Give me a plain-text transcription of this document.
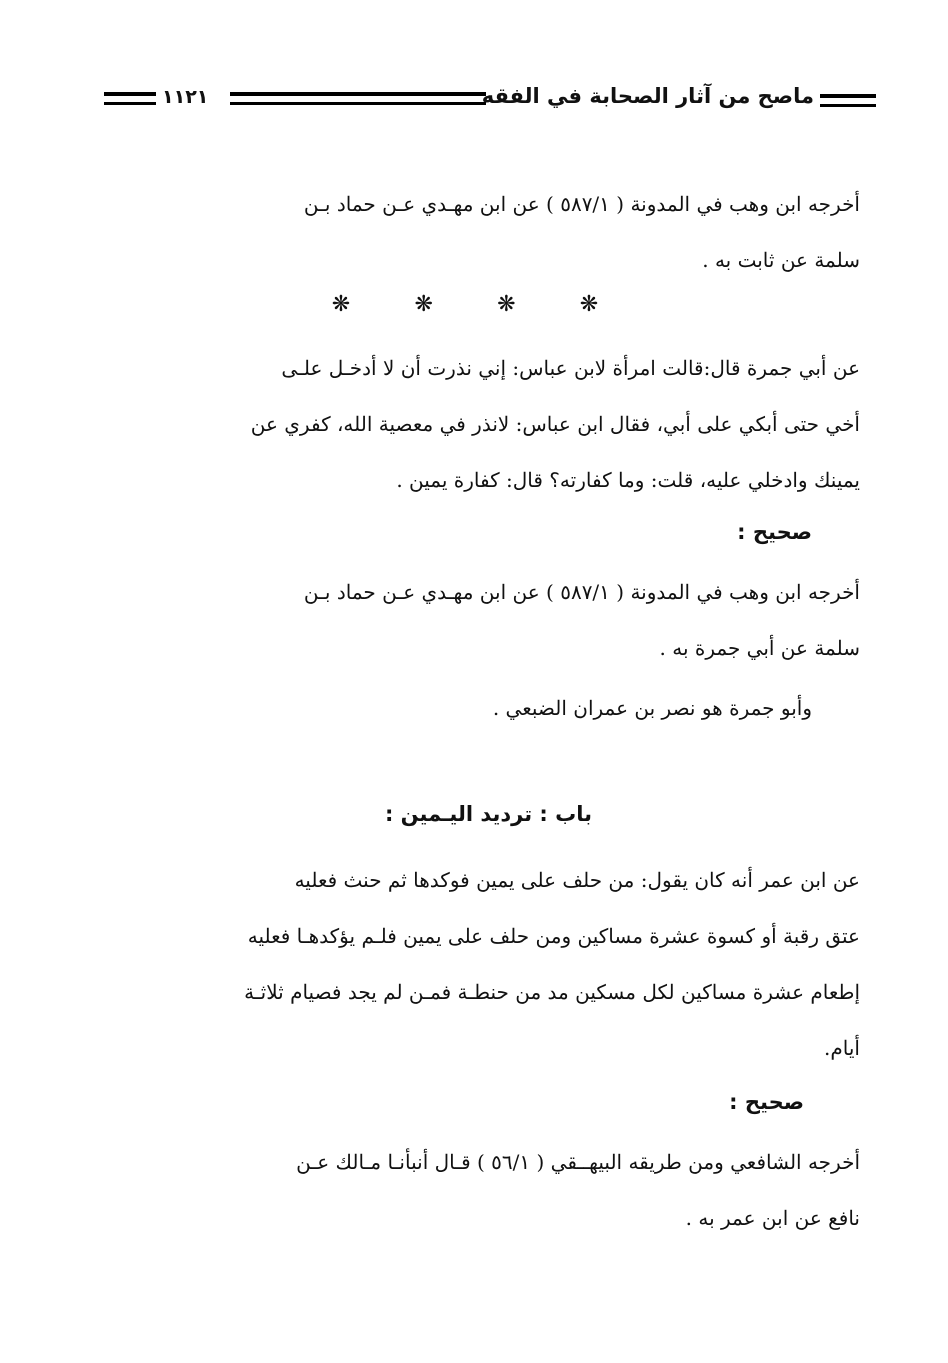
ماصح من آثار الصحابة في الفقه
١١٢١
أخرجه ابن وهب في المدونة ( ٥٨٧/١ ) عن ابن مهـدي عـن حماد بـن
سلمة عن ثابت به .
❋	❋	❋	❋
عن أبي جمرة قال:قالت امرأة لابن عباس: إني نذرت أن لا أدخـل علـى
أخي حتى أبكي على أبي، فقال ابن عباس: لانذر في معصية الله، كفري عن
يمينك وادخلي عليه، قلت: وما كفارته؟ قال: كفارة يمين .
صحيح :
أخرجه ابن وهب في المدونة ( ٥٨٧/١ ) عن ابن مهـدي عـن حماد بـن
سلمة عن أبي جمرة به .
وأبو جمرة هو نصر بن عمران الضبعي .
باب : ترديد اليـمين :
عن ابن عمر أنه كان يقول: من حلف على يمين فوكدها ثم حنث فعليه
عتق رقبة أو كسوة عشرة مساكين ومن حلف على يمين فلـم يؤكدهـا فعليه
إطعام عشرة مساكين لكل مسكين مد من حنطـة فمـن لم يجد فصيام ثلاثـة
أيام.
صحيح :
أخرجه الشافعي ومن طريقه البيهــقي ( ٥٦/١ ) قـال أنبأنـا مـالك عـن
نافع عن ابن عمر به .
